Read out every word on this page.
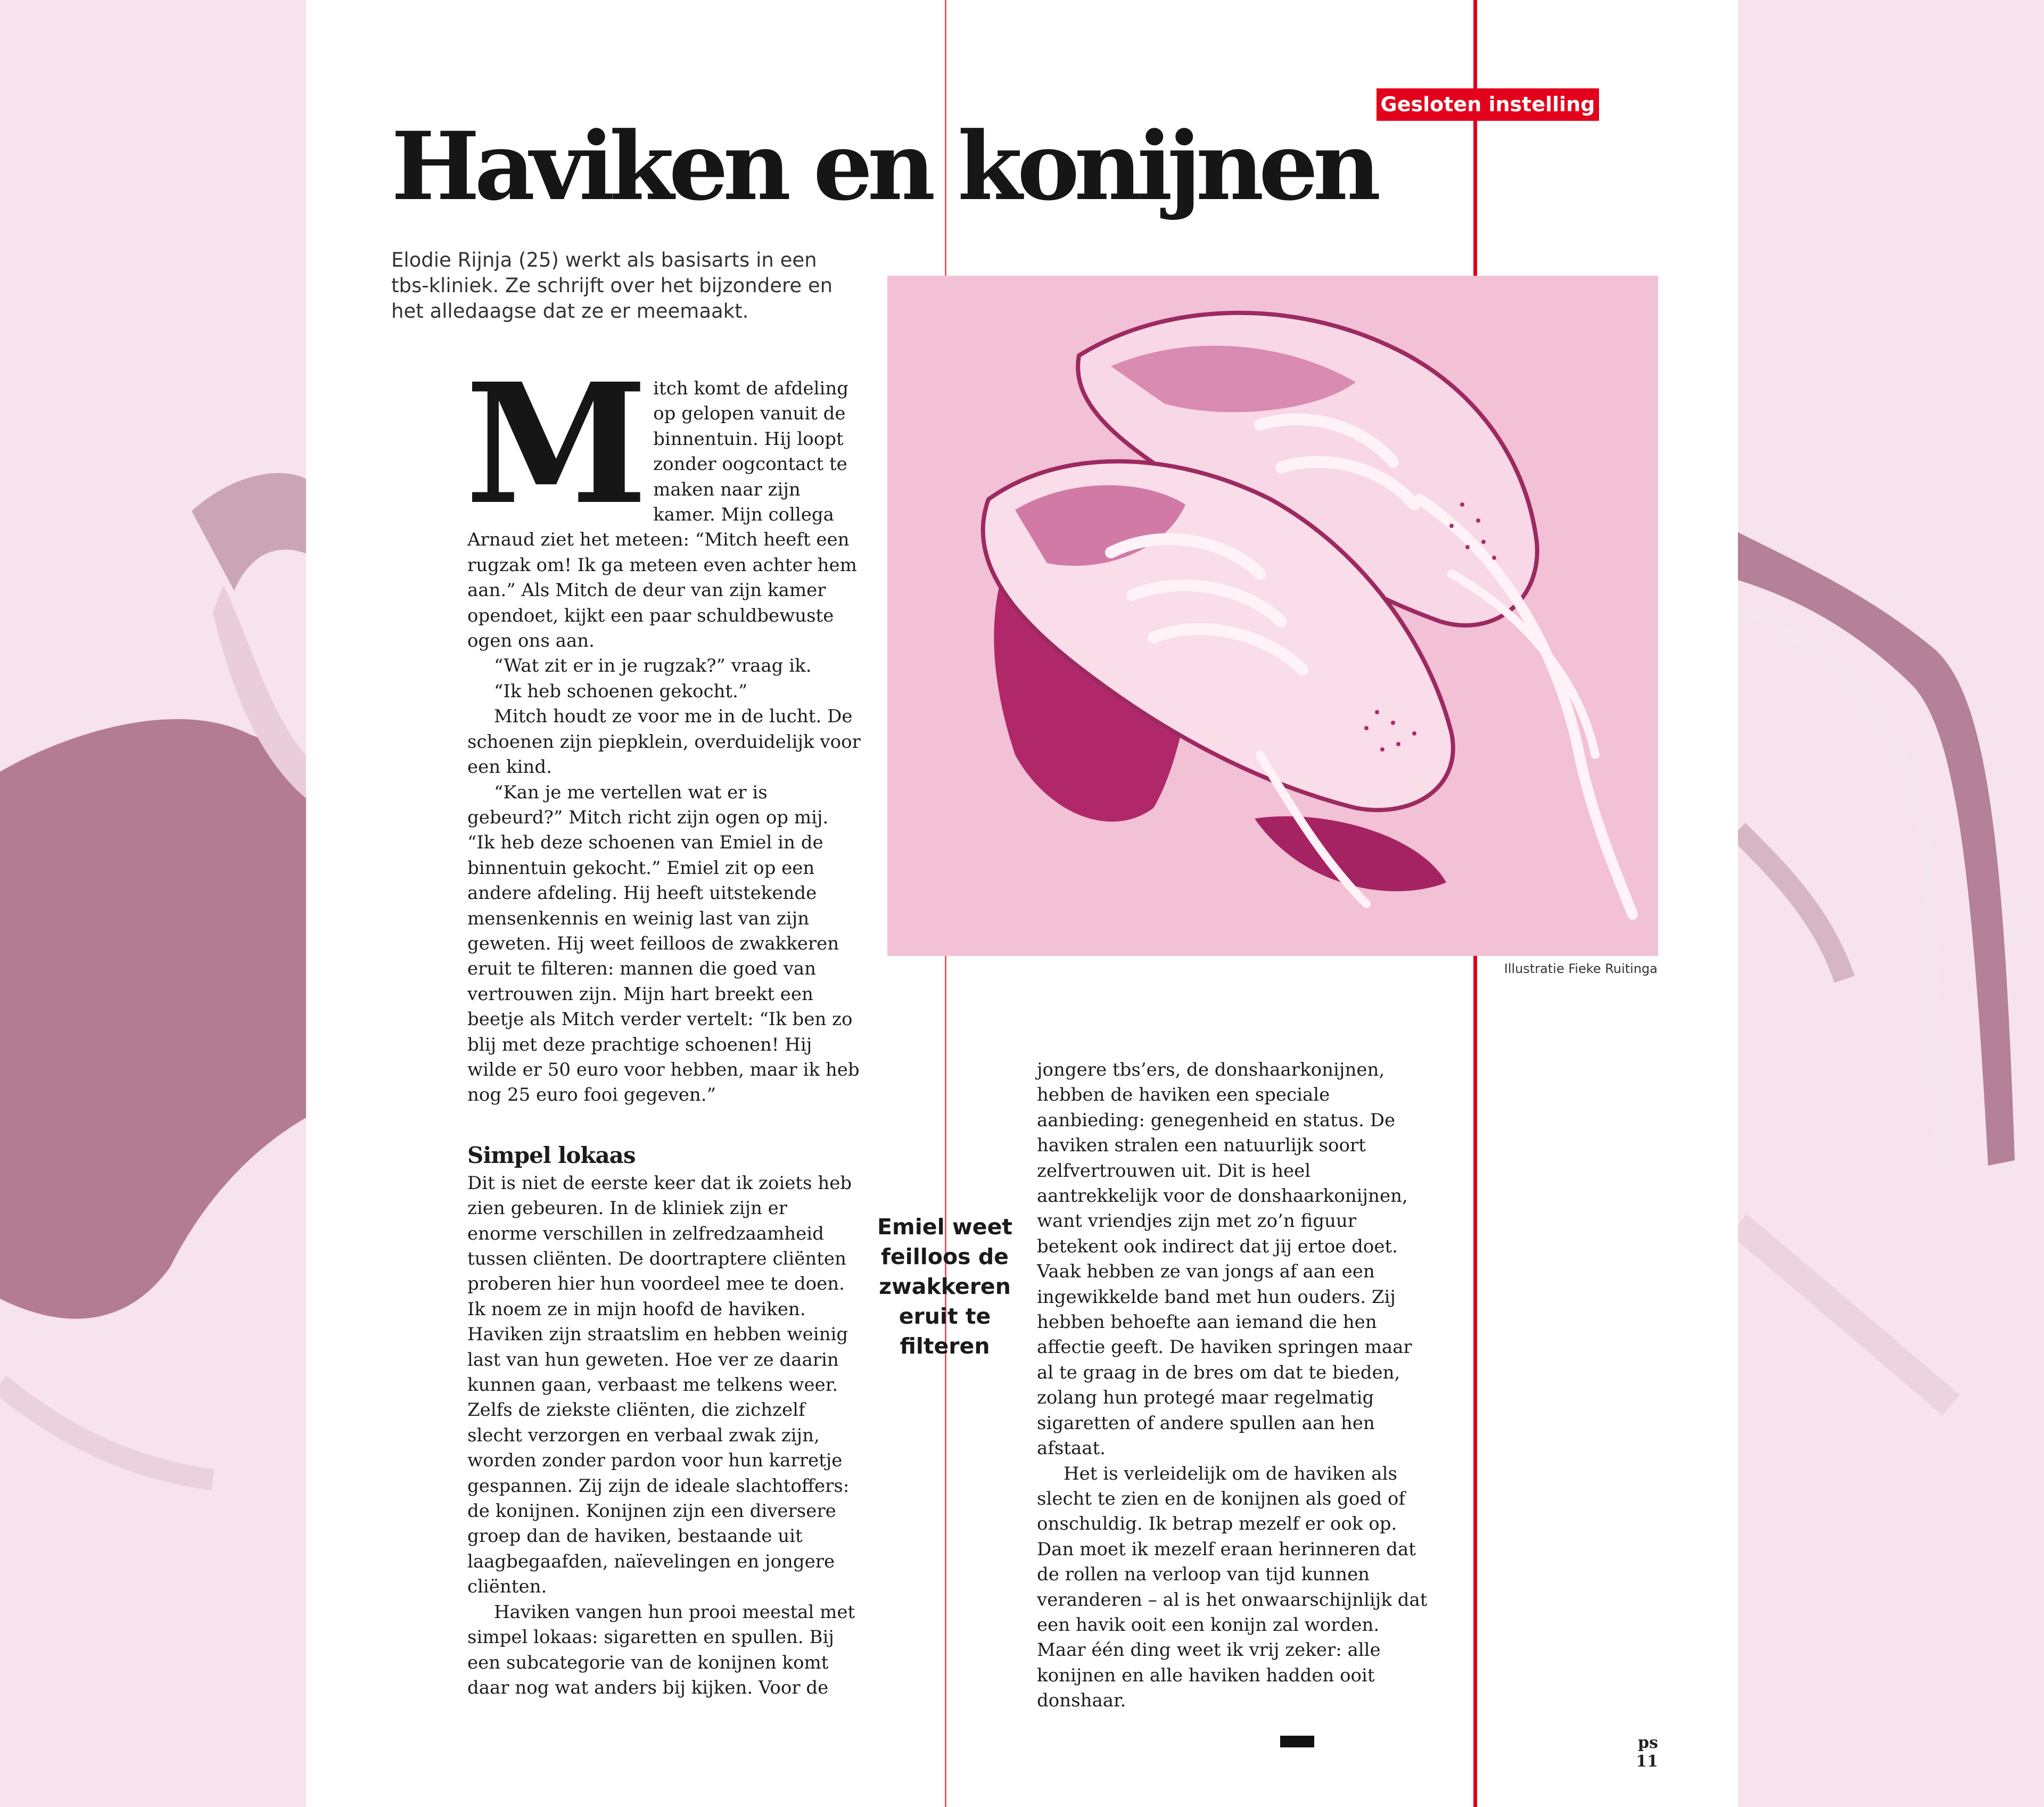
Gesloten instelling
Haviken en konijnen
Elodie Rijnja (25) werkt als basisarts in een tbs-kliniek. Ze schrijft over het bijzondere en het alledaagse dat ze er meemaakt.
Illustratie Fieke Ruitinga
M itch komt de afdeling op gelopen vanuit de binnentuin. Hij loopt zonder oogcontact te maken naar zijn kamer. Mijn collega Arnaud ziet het meteen: “Mitch heeft een rugzak om! Ik ga meteen even achter hem aan.” Als Mitch de deur van zijn kamer opendoet, kijkt een paar schuldbewuste ogen ons aan.

“Wat zit er in je rugzak?” vraag ik.

“Ik heb schoenen gekocht.”

Mitch houdt ze voor me in de lucht. De schoenen zijn piepklein, overduidelijk voor een kind.

“Kan je me vertellen wat er is gebeurd?” Mitch richt zijn ogen op mij. “Ik heb deze schoenen van Emiel in de binnentuin gekocht.” Emiel zit op een andere afdeling. Hij heeft uitstekende mensenkennis en weinig last van zijn geweten. Hij weet feilloos de zwakkeren eruit te filteren: mannen die goed van vertrouwen zijn. Mijn hart breekt een beetje als Mitch verder vertelt: “Ik ben zo blij met deze prachtige schoenen! Hij wilde er 50 euro voor hebben, maar ik heb nog 25 euro fooi gegeven.”

Simpel lokaas

Dit is niet de eerste keer dat ik zoiets heb zien gebeuren. In de kliniek zijn er enorme verschillen in zelfredzaamheid tussen cliënten. De doortraptere cliënten proberen hier hun voordeel mee te doen. Ik noem ze in mijn hoofd de haviken. Haviken zijn straatslim en hebben weinig last van hun geweten. Hoe ver ze daarin kunnen gaan, verbaast me telkens weer. Zelfs de ziekste cliënten, die zichzelf slecht verzorgen en verbaal zwak zijn, worden zonder pardon voor hun karretje gespannen. Zij zijn de ideale slachtoffers: de konijnen. Konijnen zijn een diversere groep dan de haviken, bestaande uit laagbegaafden, naïevelingen en jongere cliënten.

Haviken vangen hun prooi meestal met simpel lokaas: sigaretten en spullen. Bij een subcategorie van de konijnen komt daar nog wat anders bij kijken. Voor de

Emiel weet feilloos de zwakkeren eruit te filteren

jongere tbs’ers, de donshaarkonijnen, hebben de haviken een speciale aanbieding: genegenheid en status. De haviken stralen een natuurlijk soort zelfvertrouwen uit. Dit is heel aantrekkelijk voor de donshaarkonijnen, want vriendjes zijn met zo’n figuur betekent ook indirect dat jij ertoe doet. Vaak hebben ze van jongs af aan een ingewikkelde band met hun ouders. Zij hebben behoefte aan iemand die hen affectie geeft. De haviken springen maar al te graag in de bres om dat te bieden, zolang hun protegé maar regelmatig sigaretten of andere spullen aan hen afstaat.

Het is verleidelijk om de haviken als slecht te zien en de konijnen als goed of onschuldig. Ik betrap mezelf er ook op. Dan moet ik mezelf eraan herinneren dat de rollen na verloop van tijd kunnen veranderen – al is het onwaarschijnlijk dat een havik ooit een konijn zal worden. Maar één ding weet ik vrij zeker: alle konijnen en alle haviken hadden ooit donshaar.

ps 11
